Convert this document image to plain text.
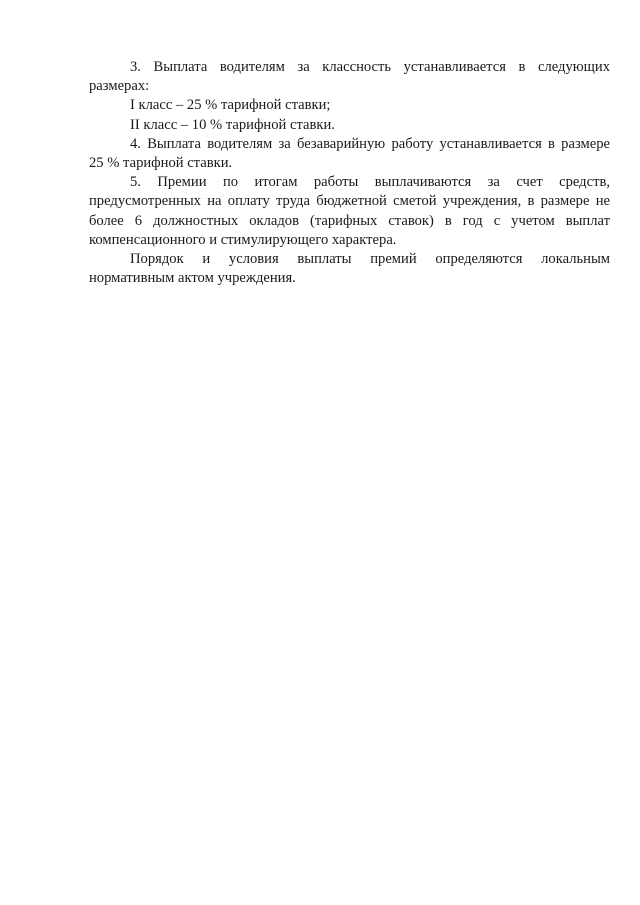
3. Выплата водителям за классность устанавливается в следующих
размерах:

I класс – 25 % тарифной ставки;

II класс – 10 % тарифной ставки.

4. Выплата водителям за безаварийную работу устанавливается в размере
25 % тарифной ставки.

5. Премии по итогам работы выплачиваются за счет средств,
предусмотренных на оплату труда бюджетной сметой учреждения, в размере не
более 6 должностных окладов (тарифных ставок) в год с учетом выплат
компенсационного и стимулирующего характера.

Порядок и условия выплаты премий определяются локальным
нормативным актом учреждения.
